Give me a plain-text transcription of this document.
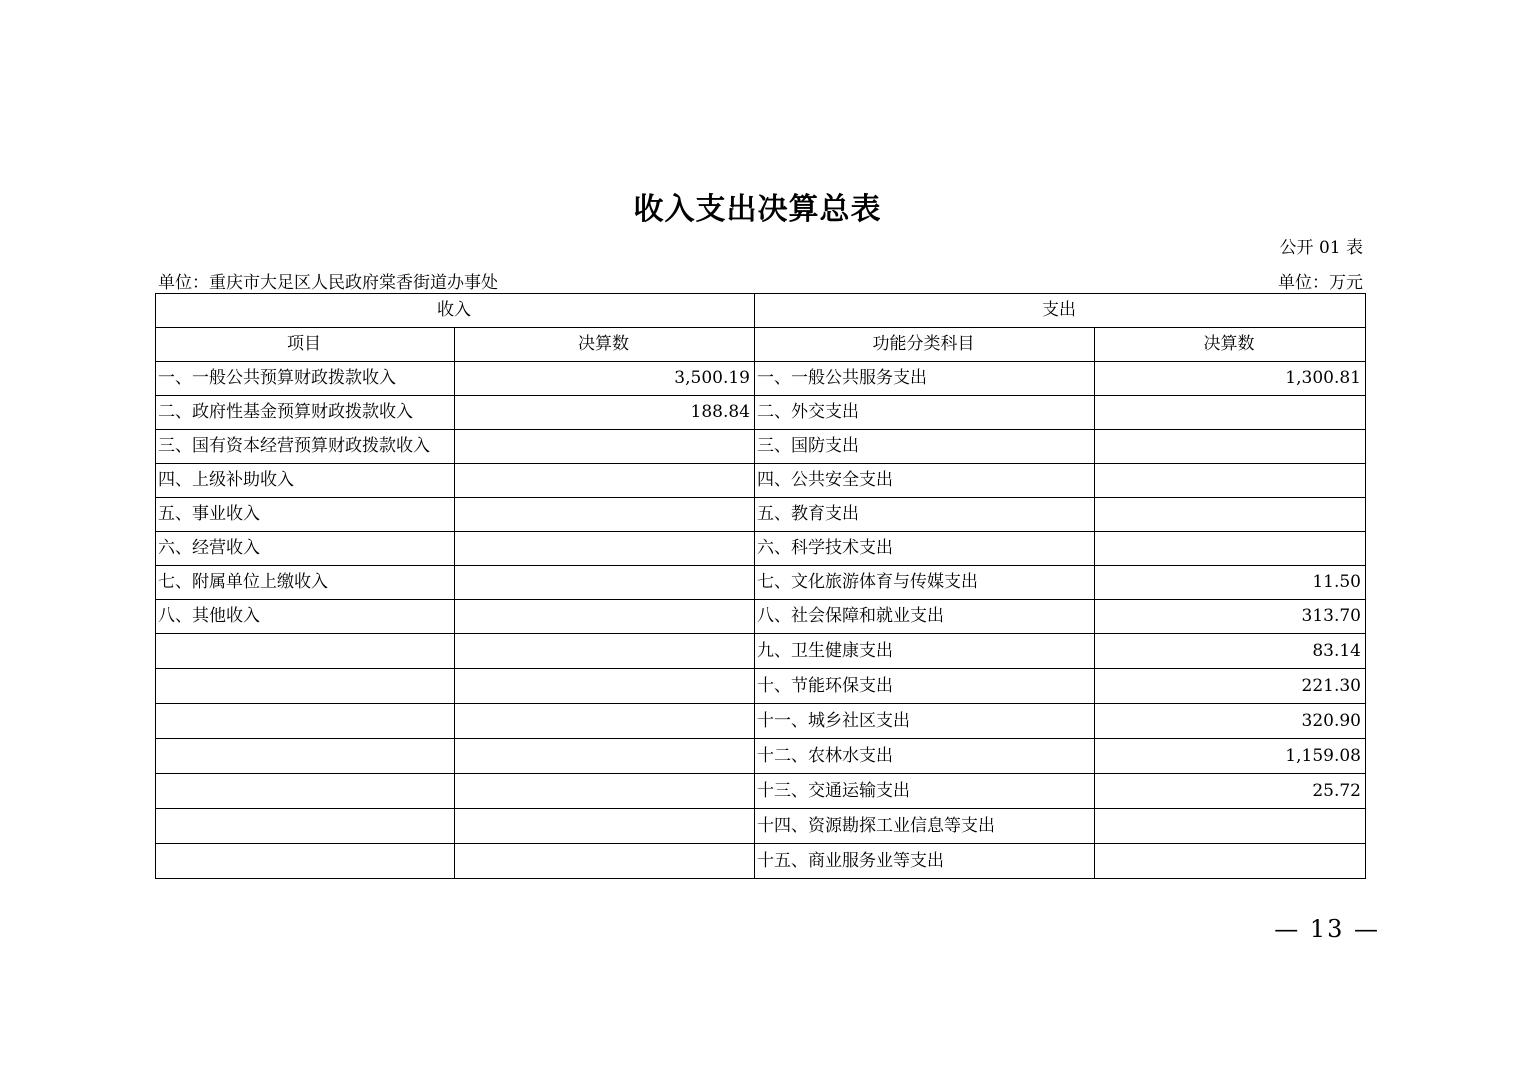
收入支出决算总表
公开 01 表
单位：重庆市大足区人民政府棠香街道办事处	单位：万元
收入		支出	
项目	决算数	功能分类科目	决算数
一、一般公共预算财政拨款收入	3,500.19	一、一般公共服务支出	1,300.81
二、政府性基金预算财政拨款收入	188.84	二、外交支出	
三、国有资本经营预算财政拨款收入		三、国防支出	
四、上级补助收入		四、公共安全支出	
五、事业收入		五、教育支出	
六、经营收入		六、科学技术支出	
七、附属单位上缴收入		七、文化旅游体育与传媒支出	11.50
八、其他收入		八、社会保障和就业支出	313.70
		九、卫生健康支出	83.14
		十、节能环保支出	221.30
		十一、城乡社区支出	320.90
		十二、农林水支出	1,159.08
		十三、交通运输支出	25.72
		十四、资源勘探工业信息等支出	
		十五、商业服务业等支出	
— 13 —
